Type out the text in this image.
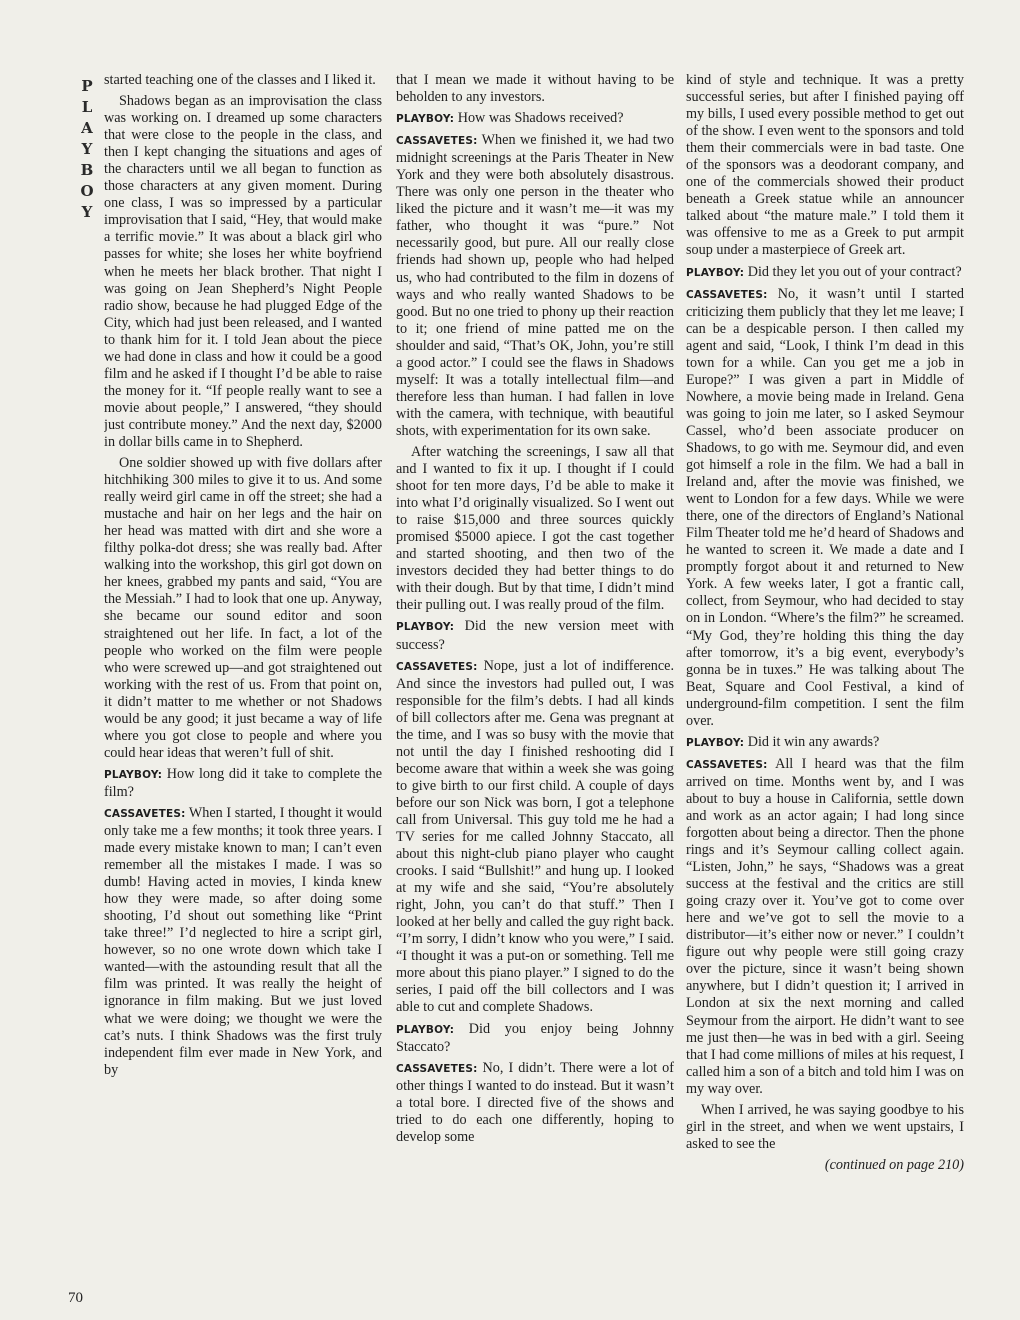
P
L
A
Y
B
O
Y

started teaching one of the classes and I liked it.

Shadows began as an improvisation the class was working on. I dreamed up some characters that were close to the people in the class, and then I kept changing the situations and ages of the characters until we all began to function as those characters at any given moment. During one class, I was so impressed by a particular improvisation that I said, “Hey, that would make a terrific movie.” It was about a black girl who passes for white; she loses her white boyfriend when he meets her black brother. That night I was going on Jean Shepherd’s Night People radio show, because he had plugged Edge of the City, which had just been released, and I wanted to thank him for it. I told Jean about the piece we had done in class and how it could be a good film and he asked if I thought I’d be able to raise the money for it. “If people really want to see a movie about people,” I answered, “they should just contribute money.” And the next day, $2000 in dollar bills came in to Shepherd.

One soldier showed up with five dollars after hitchhiking 300 miles to give it to us. And some really weird girl came in off the street; she had a mustache and hair on her legs and the hair on her head was matted with dirt and she wore a filthy polka-dot dress; she was really bad. After walking into the workshop, this girl got down on her knees, grabbed my pants and said, “You are the Messiah.” I had to look that one up. Anyway, she became our sound editor and soon straightened out her life. In fact, a lot of the people who worked on the film were people who were screwed up—and got straightened out working with the rest of us. From that point on, it didn’t matter to me whether or not Shadows would be any good; it just became a way of life where you got close to people and where you could hear ideas that weren’t full of shit.

PLAYBOY: How long did it take to complete the film?

CASSAVETES: When I started, I thought it would only take me a few months; it took three years. I made every mistake known to man; I can’t even remember all the mistakes I made. I was so dumb! Having acted in movies, I kinda knew how they were made, so after doing some shooting, I’d shout out something like “Print take three!” I’d neglected to hire a script girl, however, so no one wrote down which take I wanted—with the astounding result that all the film was printed. It was really the height of ignorance in film making. But we just loved what we were doing; we thought we were the cat’s nuts. I think Shadows was the first truly independent film ever made in New York, and by

that I mean we made it without having to be beholden to any investors.

PLAYBOY: How was Shadows received?

CASSAVETES: When we finished it, we had two midnight screenings at the Paris Theater in New York and they were both absolutely disastrous. There was only one person in the theater who liked the picture and it wasn’t me—it was my father, who thought it was “pure.” Not necessarily good, but pure. All our really close friends had shown up, people who had helped us, who had contributed to the film in dozens of ways and who really wanted Shadows to be good. But no one tried to phony up their reaction to it; one friend of mine patted me on the shoulder and said, “That’s OK, John, you’re still a good actor.” I could see the flaws in Shadows myself: It was a totally intellectual film—and therefore less than human. I had fallen in love with the camera, with technique, with beautiful shots, with experimentation for its own sake.

After watching the screenings, I saw all that and I wanted to fix it up. I thought if I could shoot for ten more days, I’d be able to make it into what I’d originally visualized. So I went out to raise $15,000 and three sources quickly promised $5000 apiece. I got the cast together and started shooting, and then two of the investors decided they had better things to do with their dough. But by that time, I didn’t mind their pulling out. I was really proud of the film.

PLAYBOY: Did the new version meet with success?

CASSAVETES: Nope, just a lot of indifference. And since the investors had pulled out, I was responsible for the film’s debts. I had all kinds of bill collectors after me. Gena was pregnant at the time, and I was so busy with the movie that not until the day I finished reshooting did I become aware that within a week she was going to give birth to our first child. A couple of days before our son Nick was born, I got a telephone call from Universal. This guy told me he had a TV series for me called Johnny Staccato, all about this night-club piano player who caught crooks. I said “Bullshit!” and hung up. I looked at my wife and she said, “You’re absolutely right, John, you can’t do that stuff.” Then I looked at her belly and called the guy right back. “I’m sorry, I didn’t know who you were,” I said. “I thought it was a put-on or something. Tell me more about this piano player.” I signed to do the series, I paid off the bill collectors and I was able to cut and complete Shadows.

PLAYBOY: Did you enjoy being Johnny Staccato?

CASSAVETES: No, I didn’t. There were a lot of other things I wanted to do instead. But it wasn’t a total bore. I directed five of the shows and tried to do each one differently, hoping to develop some

kind of style and technique. It was a pretty successful series, but after I finished paying off my bills, I used every possible method to get out of the show. I even went to the sponsors and told them their commercials were in bad taste. One of the sponsors was a deodorant company, and one of the commercials showed their product beneath a Greek statue while an announcer talked about “the mature male.” I told them it was offensive to me as a Greek to put armpit soup under a masterpiece of Greek art.

PLAYBOY: Did they let you out of your contract?

CASSAVETES: No, it wasn’t until I started criticizing them publicly that they let me leave; I can be a despicable person. I then called my agent and said, “Look, I think I’m dead in this town for a while. Can you get me a job in Europe?” I was given a part in Middle of Nowhere, a movie being made in Ireland. Gena was going to join me later, so I asked Seymour Cassel, who’d been associate producer on Shadows, to go with me. Seymour did, and even got himself a role in the film. We had a ball in Ireland and, after the movie was finished, we went to London for a few days. While we were there, one of the directors of England’s National Film Theater told me he’d heard of Shadows and he wanted to screen it. We made a date and I promptly forgot about it and returned to New York. A few weeks later, I got a frantic call, collect, from Seymour, who had decided to stay on in London. “Where’s the film?” he screamed. “My God, they’re holding this thing the day after tomorrow, it’s a big event, everybody’s gonna be in tuxes.” He was talking about The Beat, Square and Cool Festival, a kind of underground-film competition. I sent the film over.

PLAYBOY: Did it win any awards?

CASSAVETES: All I heard was that the film arrived on time. Months went by, and I was about to buy a house in California, settle down and work as an actor again; I had long since forgotten about being a director. Then the phone rings and it’s Seymour calling collect again. “Listen, John,” he says, “Shadows was a great success at the festival and the critics are still going crazy over it. You’ve got to come over here and we’ve got to sell the movie to a distributor—it’s either now or never.” I couldn’t figure out why people were still going crazy over the picture, since it wasn’t being shown anywhere, but I didn’t question it; I arrived in London at six the next morning and called Seymour from the airport. He didn’t want to see me just then—he was in bed with a girl. Seeing that I had come millions of miles at his request, I called him a son of a bitch and told him I was on my way over.

When I arrived, he was saying goodbye to his girl in the street, and when we went upstairs, I asked to see the

(continued on page 210)

70
